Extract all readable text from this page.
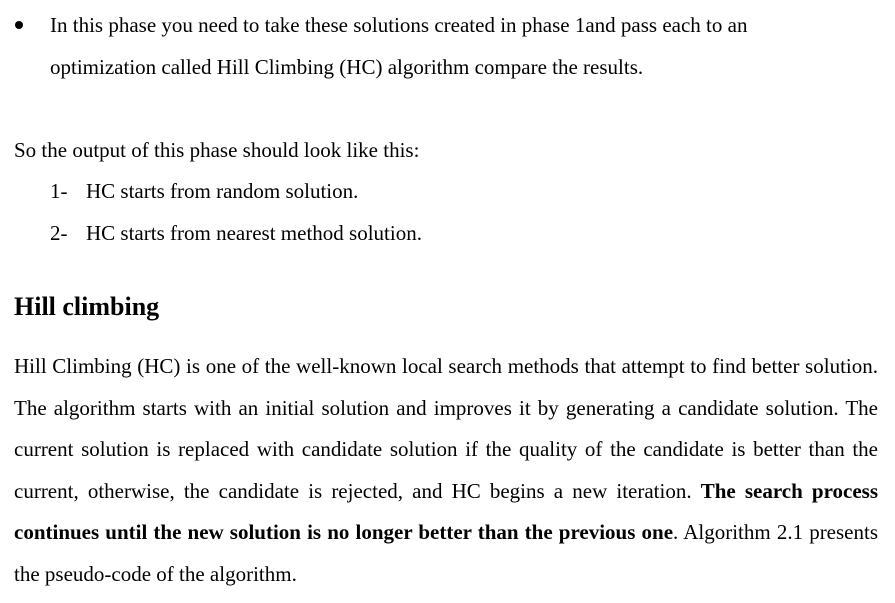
In this phase you need to take these solutions created in phase 1and pass each to an
optimization called Hill Climbing (HC) algorithm compare the results.
So the output of this phase should look like this:
1- HC starts from random solution.
2- HC starts from nearest method solution.
Hill climbing
Hill Climbing (HC) is one of the well-known local search methods that attempt to find better solution. The algorithm starts with an initial solution and improves it by generating a candidate solution. The current solution is replaced with candidate solution if the quality of the candidate is better than the current, otherwise, the candidate is rejected, and HC begins a new iteration. The search process continues until the new solution is no longer better than the previous one. Algorithm 2.1 presents the pseudo-code of the algorithm.
